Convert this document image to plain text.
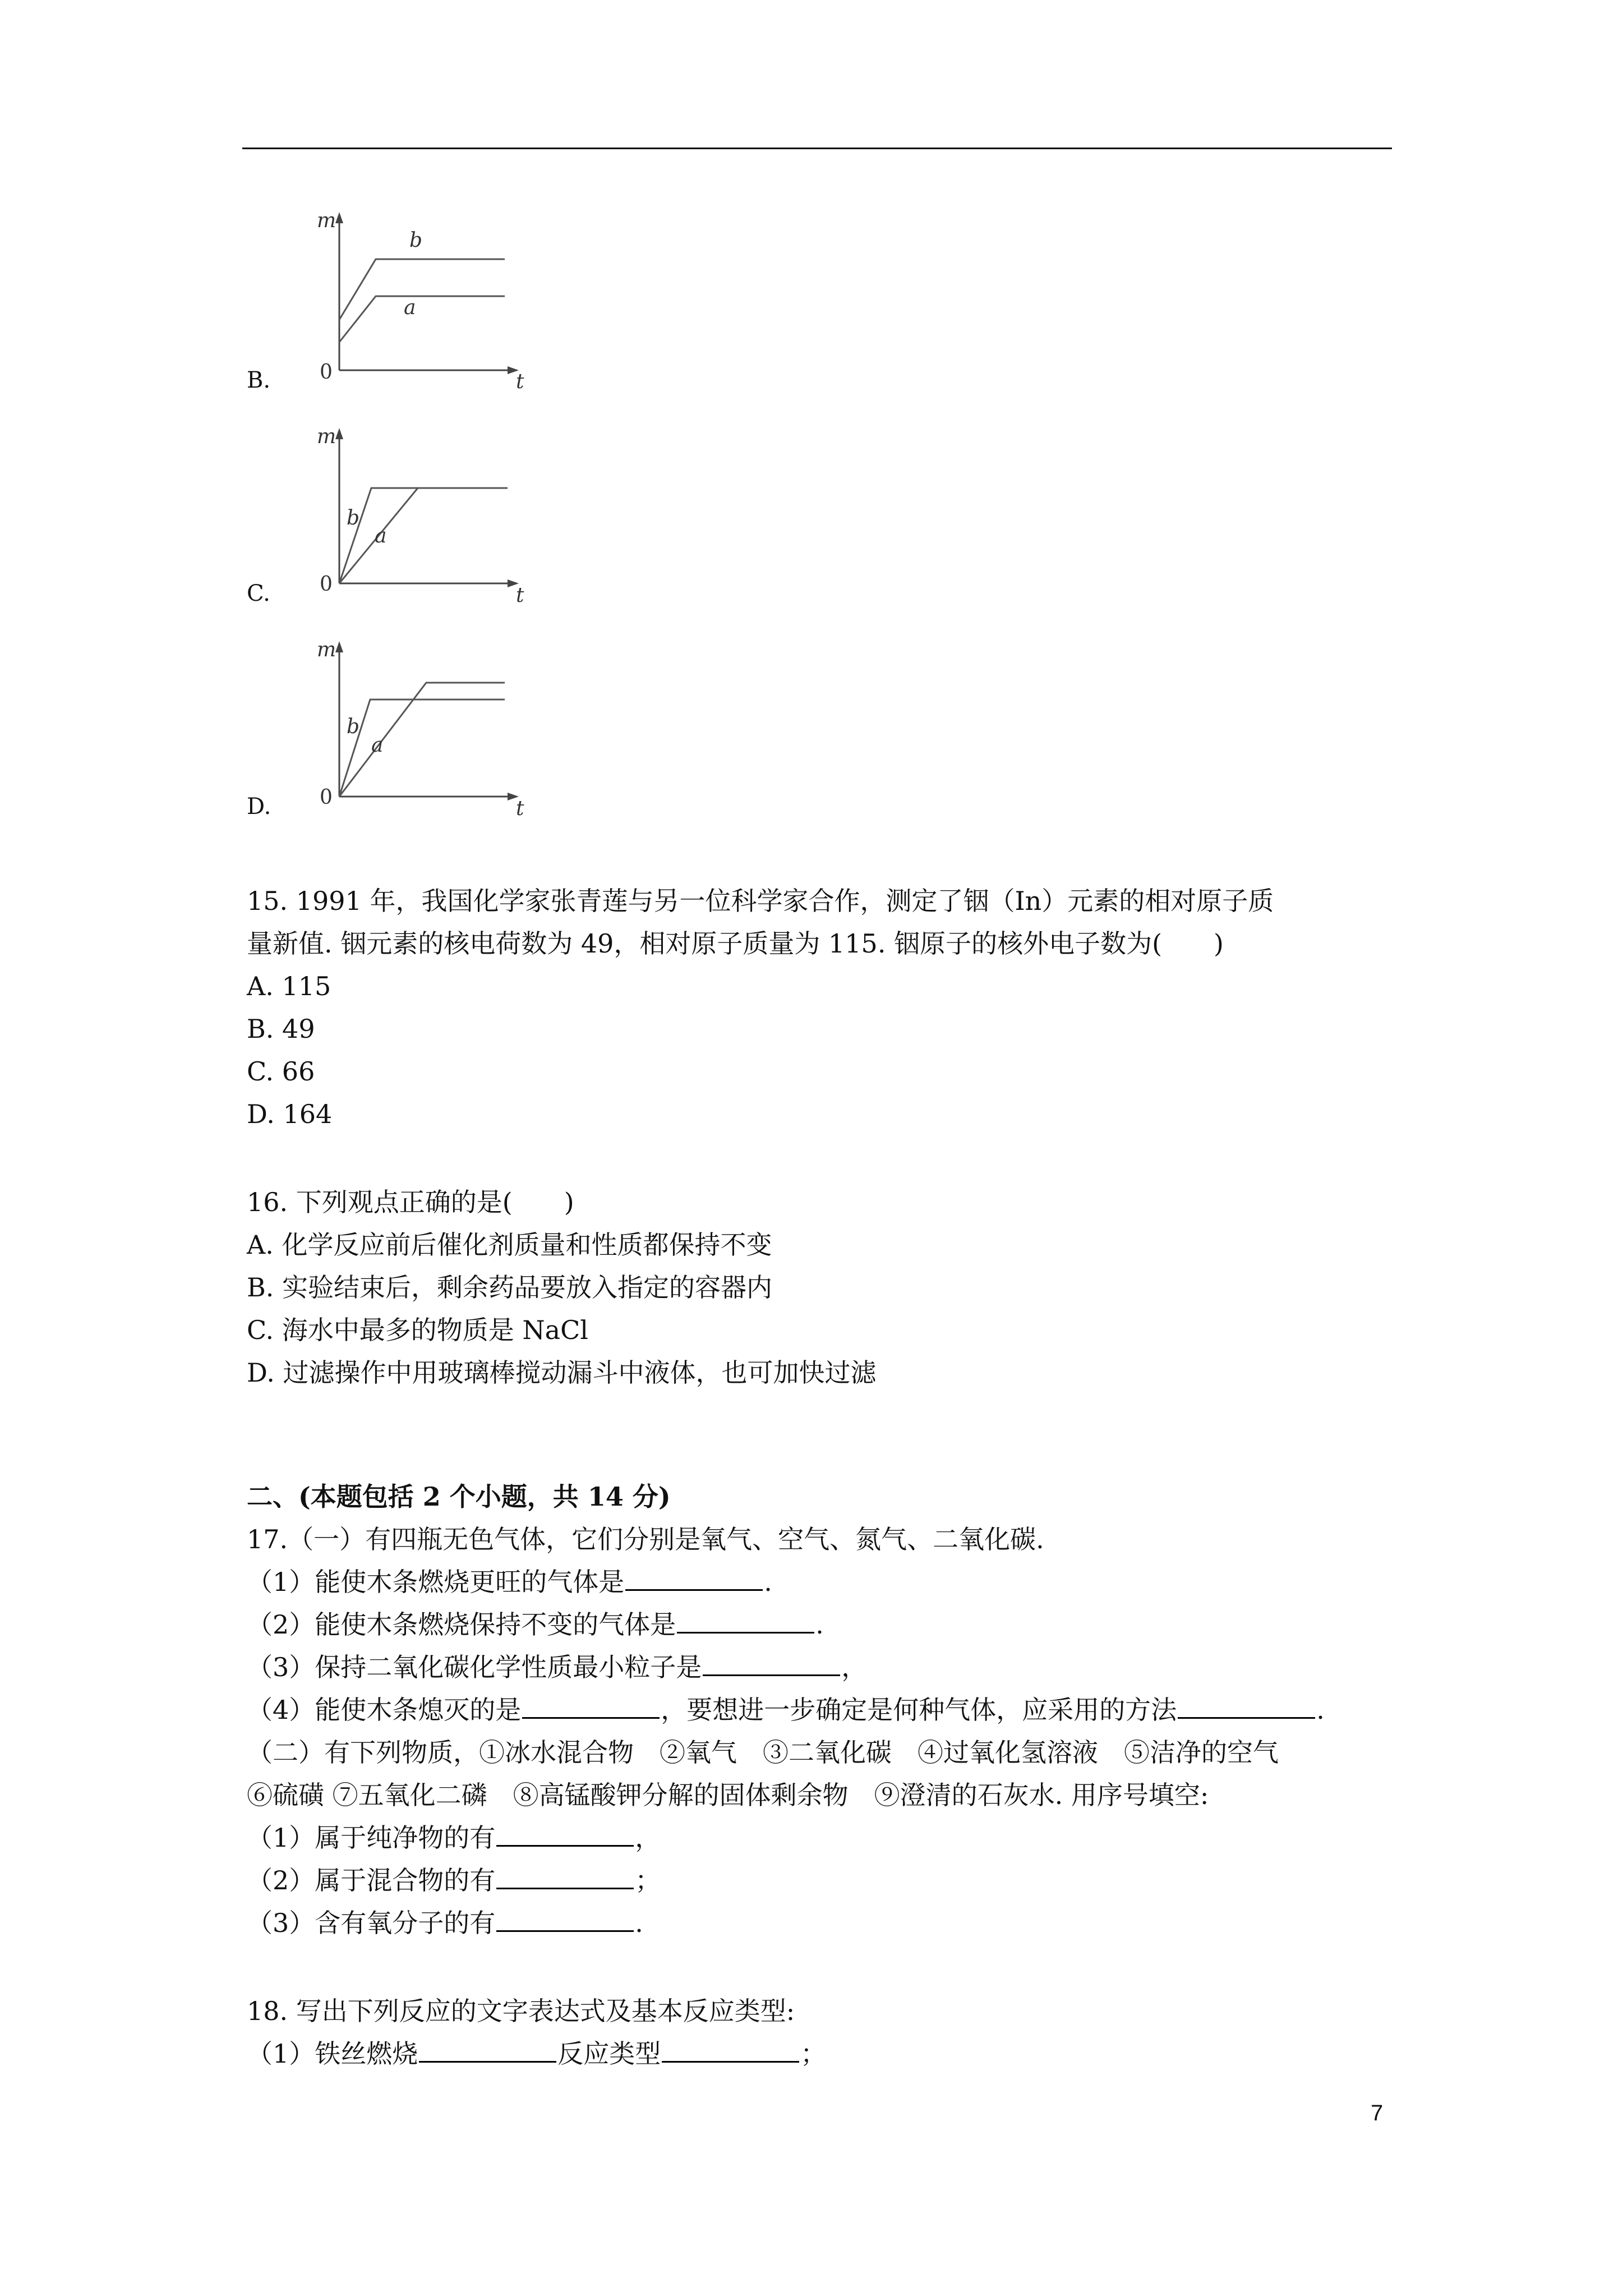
B.
m
t
0
b
a
C.
m
t
0
b
a
D.
m
t
0
b
a
15. 1991 年，我国化学家张青莲与另一位科学家合作，测定了铟（In）元素的相对原子质
量新值. 铟元素的核电荷数为 49，相对原子质量为 115. 铟原子的核外电子数为(　　)
A. 115
B. 49
C. 66
D. 164
16. 下列观点正确的是(　　)
A. 化学反应前后催化剂质量和性质都保持不变
B. 实验结束后，剩余药品要放入指定的容器内
C. 海水中最多的物质是 NaCl
D. 过滤操作中用玻璃棒搅动漏斗中液体，也可加快过滤
二、(本题包括 2 个小题，共 14 分)
17.（一）有四瓶无色气体，它们分别是氧气、空气、氮气、二氧化碳.
（1）能使木条燃烧更旺的气体是	.
（2）能使木条燃烧保持不变的气体是	.
（3）保持二氧化碳化学性质最小粒子是	，
（4）能使木条熄灭的是	，要想进一步确定是何种气体，应采用的方法	.
（二）有下列物质，①冰水混合物　②氧气　③二氧化碳　④过氧化氢溶液　⑤洁净的空气
⑥硫磺 ⑦五氧化二磷　⑧高锰酸钾分解的固体剩余物　⑨澄清的石灰水. 用序号填空:
（1）属于纯净物的有	，
（2）属于混合物的有	；
（3）含有氧分子的有	.
18. 写出下列反应的文字表达式及基本反应类型:
（1）铁丝燃烧	反应类型	；
7
